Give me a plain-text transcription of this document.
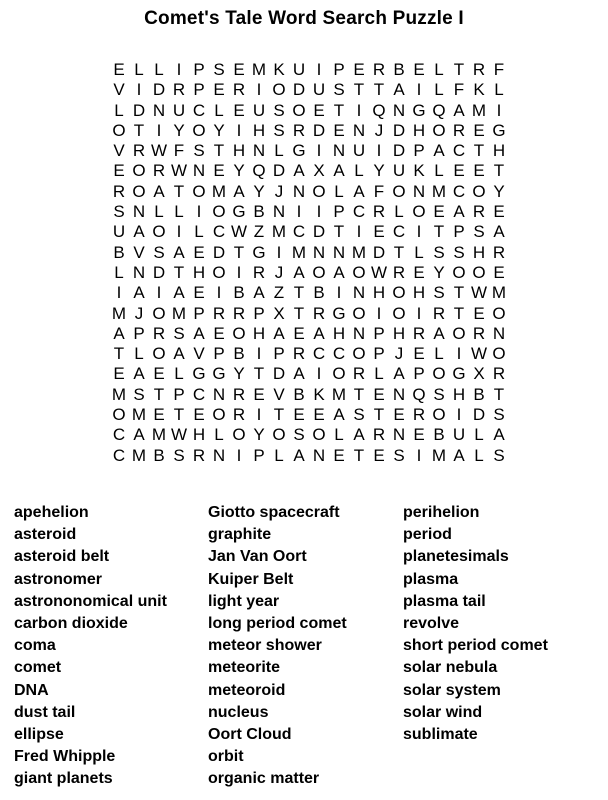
Comet's Tale Word Search Puzzle I
E L L I P S E M K U I P E R B E L T R F
V I D R P E R I O D U S T T A I L F K L
L D N U C L E U S O E T I Q N G Q A M I
O T I Y O Y I H S R D E N J D H O R E G
V R W F S T H N L G I N U I D P A C T H
E O R W N E Y Q D A X A L Y U K L E E T
R O A T O M A Y J N O L A F O N M C O Y
S N L L I O G B N I I P C R L O E A R E
U A O I L C W Z M C D T I E C I T P S A
B V S A E D T G I M N N M D T L S S H R
L N D T H O I R J A O A O W R E Y O O E
I A I A E I B A Z T B I N H O H S T W M
M J O M P R R P X T R G O I O I R T E O
A P R S A E O H A E A H N P H R A O R N
T L O A V P B I P R C C O P J E L I W O
E A E L G G Y T D A I O R L A P O G X R
M S T P C N R E V B K M T E N Q S H B T
O M E T E O R I T E E A S T E R O I D S
C A M W H L O Y O S O L A R N E B U L A
C M B S R N I P L A N E T E S I M A L S
apehelion
asteroid
asteroid belt
astronomer
astrononomical unit
carbon dioxide
coma
comet
DNA
dust tail
ellipse
Fred Whipple
giant planets
Giotto spacecraft
graphite
Jan Van Oort
Kuiper Belt
light year
long period comet
meteor shower
meteorite
meteoroid
nucleus
Oort Cloud
orbit
organic matter
perihelion
period
planetesimals
plasma
plasma tail
revolve
short period comet
solar nebula
solar system
solar wind
sublimate
